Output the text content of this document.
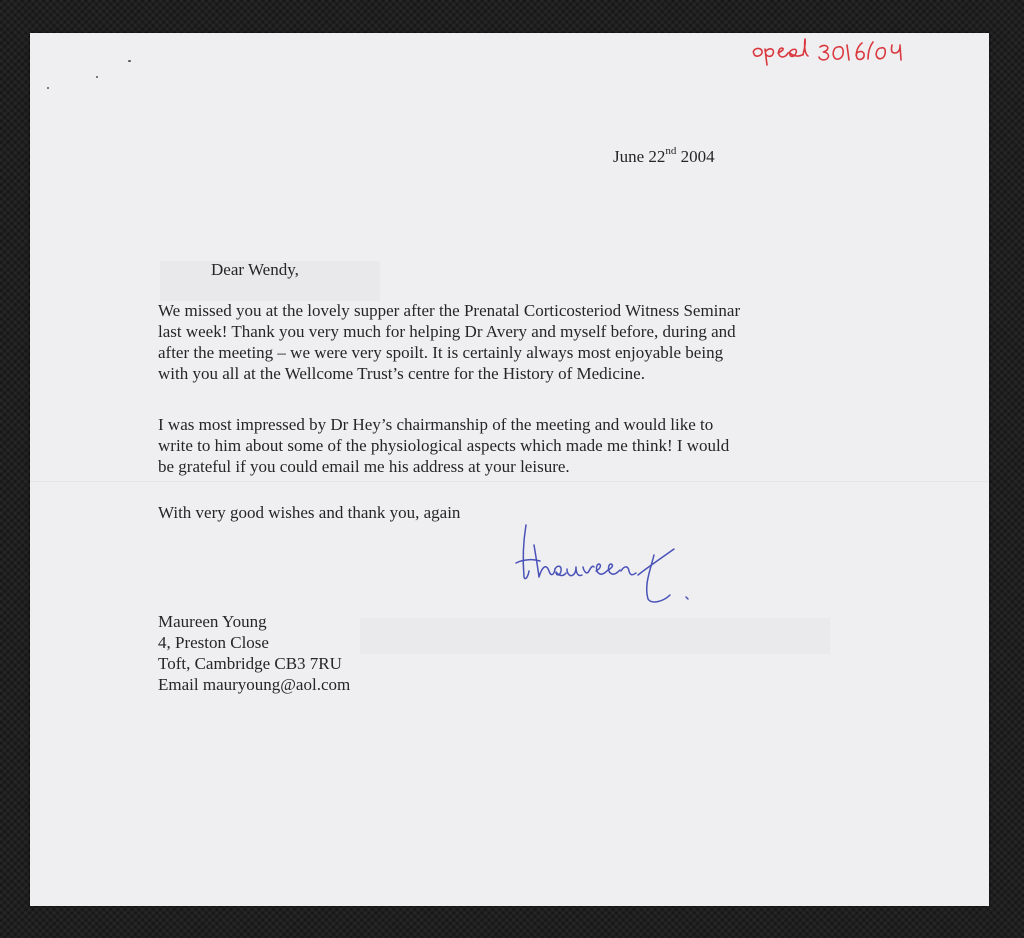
June 22nd 2004
Dear Wendy,

We missed you at the lovely supper after the Prenatal Corticosteriod Witness Seminar
last week! Thank you very much for helping Dr Avery and myself before, during and
after the meeting – we were very spoilt. It is certainly always most enjoyable being
with you all at the Wellcome Trust’s centre for the History of Medicine.

I was most impressed by Dr Hey’s chairmanship of the meeting and would like to
write to him about some of the physiological aspects which made me think! I would
be grateful if you could email me his address at your leisure.

With very good wishes and thank you, again
Maureen Young
4, Preston Close
Toft, Cambridge CB3 7RU
Email mauryoung@aol.com
